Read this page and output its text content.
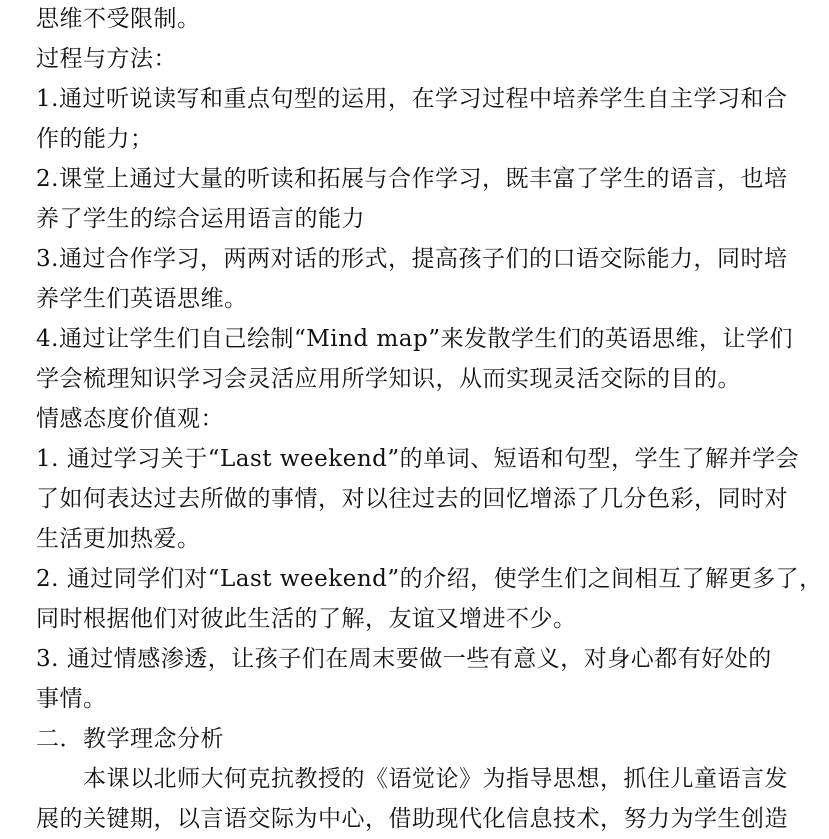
思维不受限制。
过程与方法：
1.通过听说读写和重点句型的运用，在学习过程中培养学生自主学习和合
作的能力；
2.课堂上通过大量的听读和拓展与合作学习，既丰富了学生的语言，也培
养了学生的综合运用语言的能力
3.通过合作学习，两两对话的形式，提高孩子们的口语交际能力，同时培
养学生们英语思维。
4.通过让学生们自己绘制“Mind map”来发散学生们的英语思维，让学们
学会梳理知识学习会灵活应用所学知识，从而实现灵活交际的目的。
情感态度价值观：
1. 通过学习关于“Last weekend”的单词、短语和句型，学生了解并学会
了如何表达过去所做的事情，对以往过去的回忆增添了几分色彩，同时对
生活更加热爱。
2. 通过同学们对“Last weekend”的介绍，使学生们之间相互了解更多了，
同时根据他们对彼此生活的了解，友谊又增进不少。
3. 通过情感渗透，让孩子们在周末要做一些有意义，对身心都有好处的
事情。
二．教学理念分析
本课以北师大何克抗教授的《语觉论》为指导思想，抓住儿童语言发
展的关键期，以言语交际为中心，借助现代化信息技术，努力为学生创造
